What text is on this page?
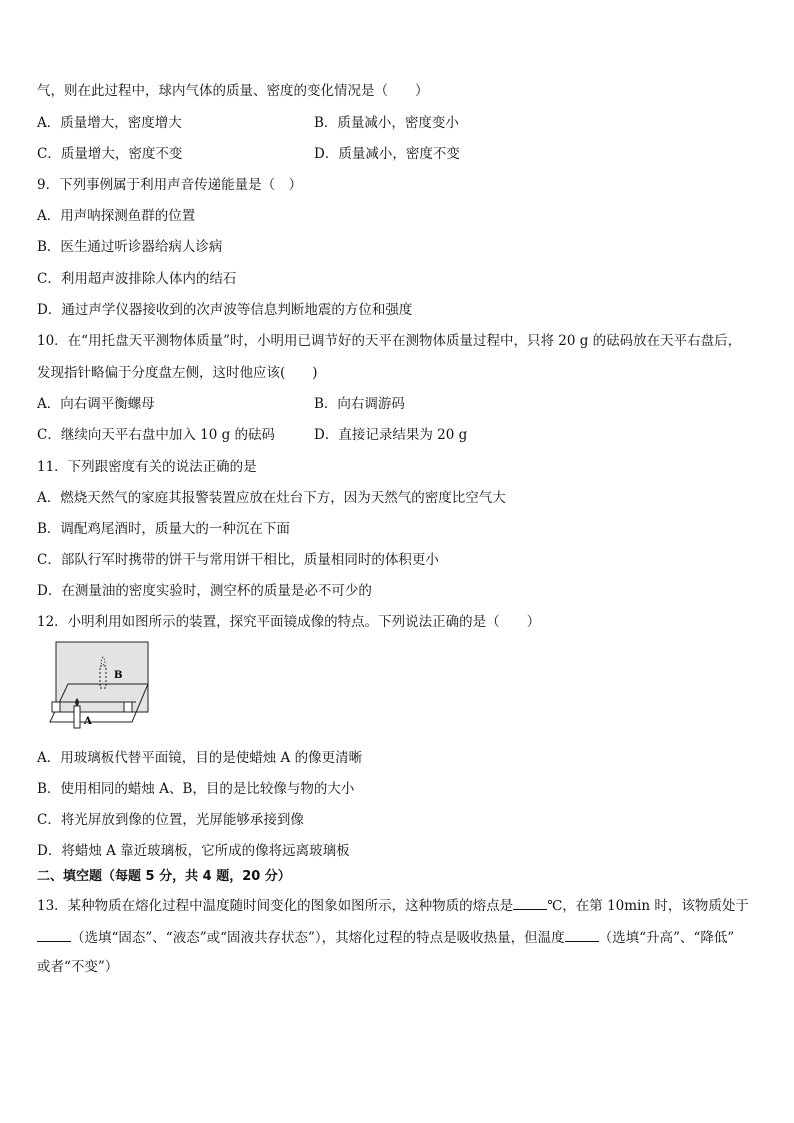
气，则在此过程中，球内气体的质量、密度的变化情况是（　　）
A．质量增大，密度增大	B．质量减小，密度变小
C．质量增大，密度不变	D．质量减小，密度不变
9．下列事例属于利用声音传递能量是（　）
A．用声呐探测鱼群的位置
B．医生通过听诊器给病人诊病
C．利用超声波排除人体内的结石
D．通过声学仪器接收到的次声波等信息判断地震的方位和强度
10．在“用托盘天平测物体质量”时，小明用已调节好的天平在测物体质量过程中，只将 20 g 的砝码放在天平右盘后，
发现指针略偏于分度盘左侧，这时他应该(　　)
A．向右调平衡螺母	B．向右调游码
C．继续向天平右盘中加入 10 g 的砝码	D．直接记录结果为 20 g
11．下列跟密度有关的说法正确的是
A．燃烧天然气的家庭其报警装置应放在灶台下方，因为天然气的密度比空气大
B．调配鸡尾酒时，质量大的一种沉在下面
C．部队行军时携带的饼干与常用饼干相比，质量相同时的体积更小
D．在测量油的密度实验时，测空杯的质量是必不可少的
12．小明利用如图所示的装置，探究平面镜成像的特点。下列说法正确的是（　　）
A
B
A．用玻璃板代替平面镜，目的是使蜡烛 A 的像更清晰
B．使用相同的蜡烛 A、B，目的是比较像与物的大小
C．将光屏放到像的位置，光屏能够承接到像
D．将蜡烛 A 靠近玻璃板，它所成的像将远离玻璃板
二、填空题（每题 5 分，共 4 题，20 分）
13．某种物质在熔化过程中温度随时间变化的图象如图所示，这种物质的熔点是	℃，在第 10min 时，该物质处于
（选填“固态”、“液态”或“固液共存状态”），其熔化过程的特点是吸收热量，但温度	（选填“升高”、“降低”
或者“不变”）
